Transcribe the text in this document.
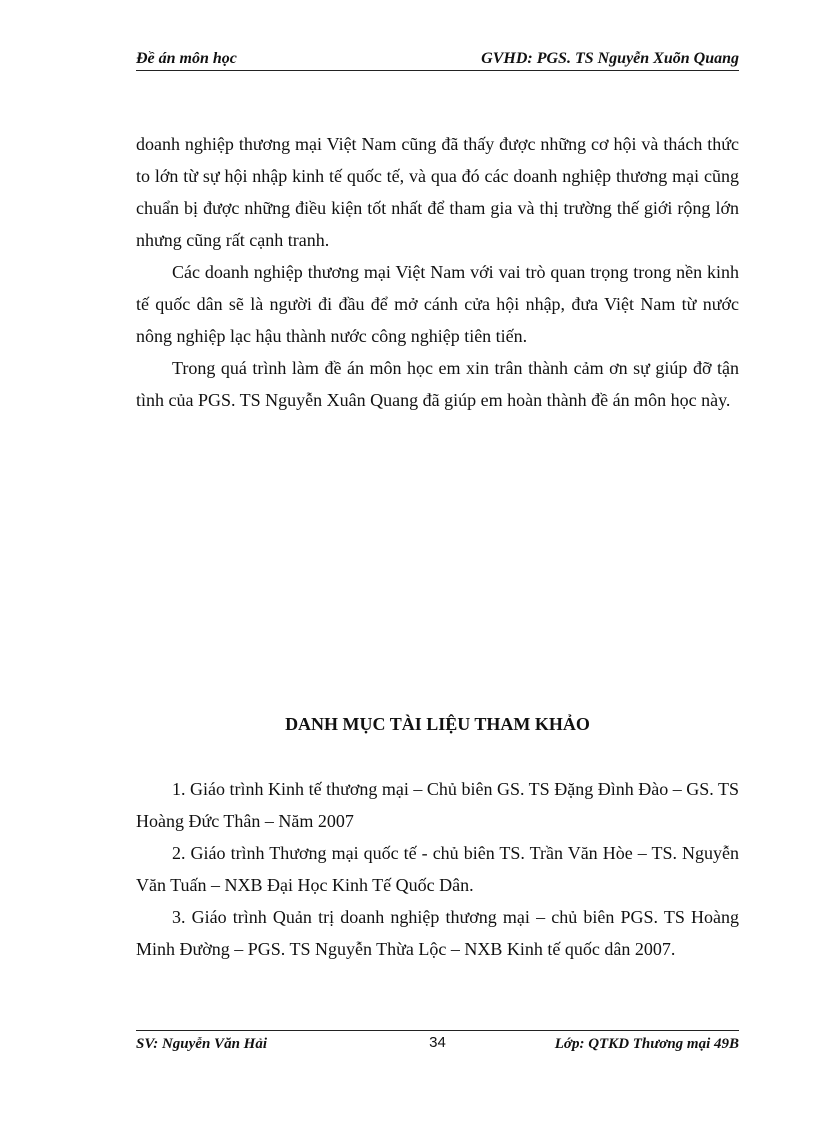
Đề án môn học	GVHD: PGS. TS Nguyễn Xuõn Quang

doanh nghiệp thương mại Việt Nam cũng đã thấy được những cơ hội và thách thức to lớn từ sự hội nhập kinh tế quốc tế, và qua đó các doanh nghiệp thương mại cũng chuẩn bị được những điều kiện tốt nhất để tham gia và thị trường thế giới rộng lớn nhưng cũng rất cạnh tranh.

Các doanh nghiệp thương mại Việt Nam với vai trò quan trọng trong nền kinh tế quốc dân sẽ là người đi đầu để mở cánh cửa hội nhập, đưa Việt Nam từ nước nông nghiệp lạc hậu thành nước công nghiệp tiên tiến.

Trong quá trình làm đề án môn học em xin trân thành cảm ơn sự giúp đỡ tận tình của PGS. TS Nguyễn Xuân Quang đã giúp em hoàn thành đề án môn học này.

DANH MỤC TÀI LIỆU THAM KHẢO

1. Giáo trình Kinh tế thương mại – Chủ biên GS. TS Đặng Đình Đào – GS. TS Hoàng Đức Thân – Năm 2007

2. Giáo trình Thương mại quốc tế - chủ biên TS. Trần Văn Hòe – TS. Nguyễn Văn Tuấn – NXB Đại Học Kinh Tế Quốc Dân.

3. Giáo trình Quản trị doanh nghiệp thương mại – chủ biên PGS. TS Hoàng Minh Đường – PGS. TS Nguyễn Thừa Lộc – NXB Kinh tế quốc dân 2007.

SV: Nguyễn Văn Hải	34	Lớp: QTKD Thương mại 49B
